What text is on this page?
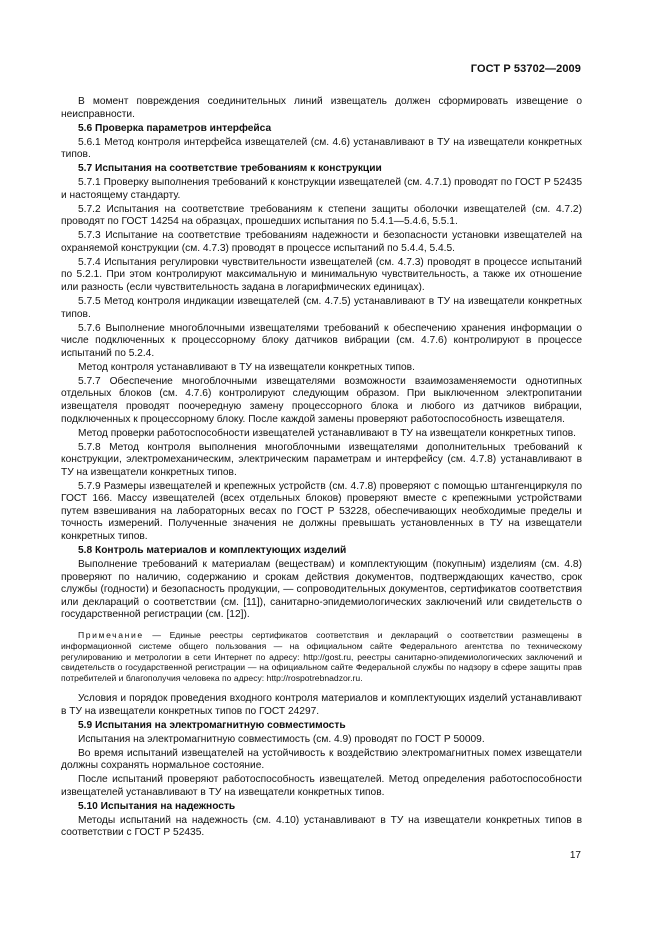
ГОСТ Р 53702—2009

В момент повреждения соединительных линий извещатель должен сформировать извещение о неисправности.

5.6 Проверка параметров интерфейса

5.6.1 Метод контроля интерфейса извещателей (см. 4.6) устанавливают в ТУ на извещатели конкретных типов.

5.7 Испытания на соответствие требованиям к конструкции

5.7.1 Проверку выполнения требований к конструкции извещателей (см. 4.7.1) проводят по ГОСТ Р 52435 и настоящему стандарту.

5.7.2 Испытания на соответствие требованиям к степени защиты оболочки извещателей (см. 4.7.2) проводят по ГОСТ 14254 на образцах, прошедших испытания по 5.4.1—5.4.6, 5.5.1.

5.7.3 Испытание на соответствие требованиям надежности и безопасности установки извещателей на охраняемой конструкции (см. 4.7.3) проводят в процессе испытаний по 5.4.4, 5.4.5.

5.7.4 Испытания регулировки чувствительности извещателей (см. 4.7.3) проводят в процессе испытаний по 5.2.1. При этом контролируют максимальную и минимальную чувствительность, а также их отношение или разность (если чувствительность задана в логарифмических единицах).

5.7.5 Метод контроля индикации извещателей (см. 4.7.5) устанавливают в ТУ на извещатели конкретных типов.

5.7.6 Выполнение многоблочными извещателями требований к обеспечению хранения информации о числе подключенных к процессорному блоку датчиков вибрации (см. 4.7.6) контролируют в процессе испытаний по 5.2.4.

Метод контроля устанавливают в ТУ на извещатели конкретных типов.

5.7.7 Обеспечение многоблочными извещателями возможности взаимозаменяемости однотипных отдельных блоков (см. 4.7.6) контролируют следующим образом. При выключенном электропитании извещателя проводят поочередную замену процессорного блока и любого из датчиков вибрации, подключенных к процессорному блоку. После каждой замены проверяют работоспособность извещателя.

Метод проверки работоспособности извещателей устанавливают в ТУ на извещатели конкретных типов.

5.7.8 Метод контроля выполнения многоблочными извещателями дополнительных требований к конструкции, электромеханическим, электрическим параметрам и интерфейсу (см. 4.7.8) устанавливают в ТУ на извещатели конкретных типов.

5.7.9 Размеры извещателей и крепежных устройств (см. 4.7.8) проверяют с помощью штангенциркуля по ГОСТ 166. Массу извещателей (всех отдельных блоков) проверяют вместе с крепежными устройствами путем взвешивания на лабораторных весах по ГОСТ Р 53228, обеспечивающих необходимые пределы и точность измерений. Полученные значения не должны превышать установленных в ТУ на извещатели конкретных типов.

5.8 Контроль материалов и комплектующих изделий

Выполнение требований к материалам (веществам) и комплектующим (покупным) изделиям (см. 4.8) проверяют по наличию, содержанию и срокам действия документов, подтверждающих качество, срок службы (годности) и безопасность продукции, — сопроводительных документов, сертификатов соответствия или деклараций о соответствии (см. [11]), санитарно-эпидемиологических заключений или свидетельств о государственной регистрации (см. [12]).

Примечание — Единые реестры сертификатов соответствия и деклараций о соответствии размещены в информационной системе общего пользования — на официальном сайте Федерального агентства по техническому регулированию и метрологии в сети Интернет по адресу: http://gost.ru, реестры санитарно-эпидемиологических заключений и свидетельств о государственной регистрации — на официальном сайте Федеральной службы по надзору в сфере защиты прав потребителей и благополучия человека по адресу: http://rospotrebnadzor.ru.

Условия и порядок проведения входного контроля материалов и комплектующих изделий устанавливают в ТУ на извещатели конкретных типов по ГОСТ 24297.

5.9 Испытания на электромагнитную совместимость

Испытания на электромагнитную совместимость (см. 4.9) проводят по ГОСТ Р 50009.

Во время испытаний извещателей на устойчивость к воздействию электромагнитных помех извещатели должны сохранять нормальное состояние.

После испытаний проверяют работоспособность извещателей. Метод определения работоспособности извещателей устанавливают в ТУ на извещатели конкретных типов.

5.10 Испытания на надежность

Методы испытаний на надежность (см. 4.10) устанавливают в ТУ на извещатели конкретных типов в соответствии с ГОСТ Р 52435.

17
